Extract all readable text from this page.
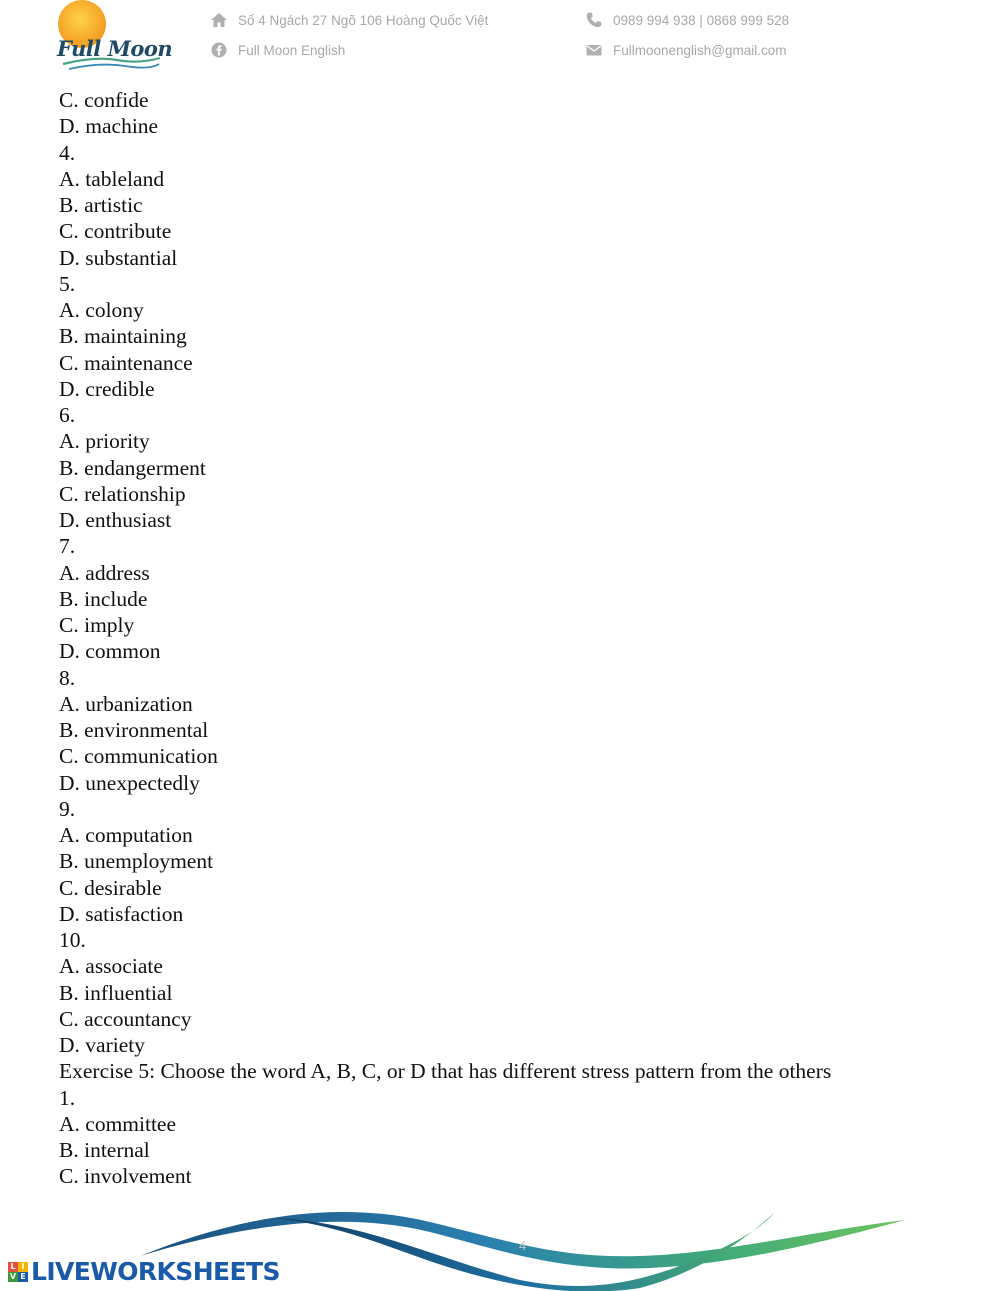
Full Moon
Số 4 Ngách 27 Ngõ 106 Hoàng Quốc Việt
Full Moon English
0989 994 938 | 0868 999 528
Fullmoonenglish@gmail.com
C. confide
D. machine
4.
A. tableland
B. artistic
C. contribute
D. substantial
5.
A. colony
B. maintaining
C. maintenance
D. credible
6.
A. priority
B. endangerment
C. relationship
D. enthusiast
7.
A. address
B. include
C. imply
D. common
8.
A. urbanization
B. environmental
C. communication
D. unexpectedly
9.
A. computation
B. unemployment
C. desirable
D. satisfaction
10.
A. associate
B. influential
C. accountancy
D. variety
Exercise 5: Choose the word A, B, C, or D that has different stress pattern from the others
1.
A. committee
B. internal
C. involvement
4
L I
V E LIVEWORKSHEETS
